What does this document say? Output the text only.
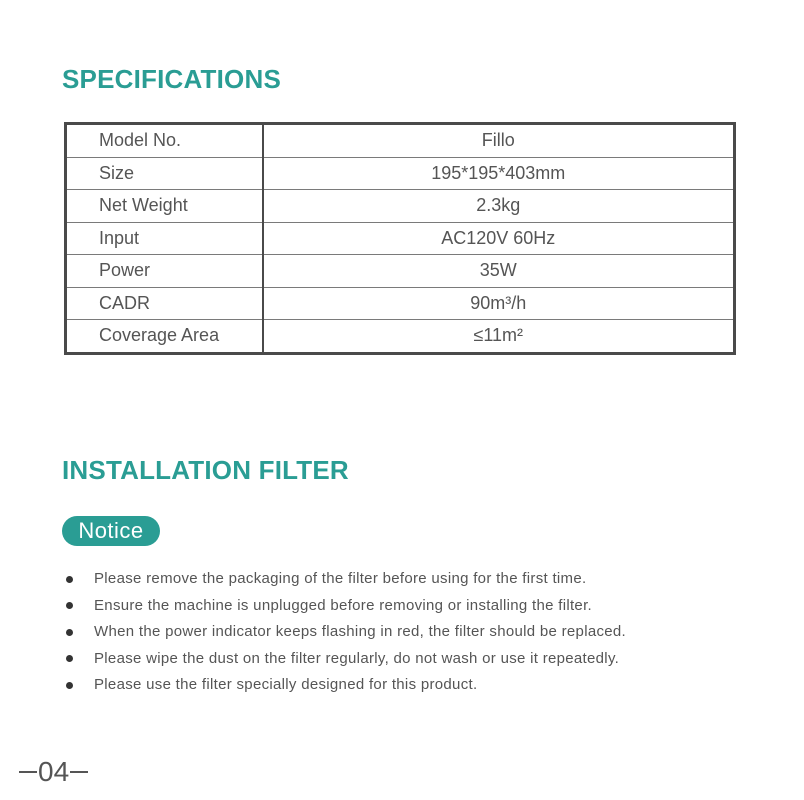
SPECIFICATIONS
Model No.	Fillo
Size	195*195*403mm
Net Weight	2.3kg
Input	AC120V 60Hz
Power	35W
CADR	90m³/h
Coverage Area	≤11m²
INSTALLATION FILTER
Notice
Please remove the packaging of the filter before using for the first time.
Ensure the machine is unplugged before removing or installing the filter.
When the power indicator keeps flashing in red, the filter should be replaced.
Please wipe the dust on the filter regularly, do not wash or use it repeatedly.
Please use the filter specially designed for this product.
04
